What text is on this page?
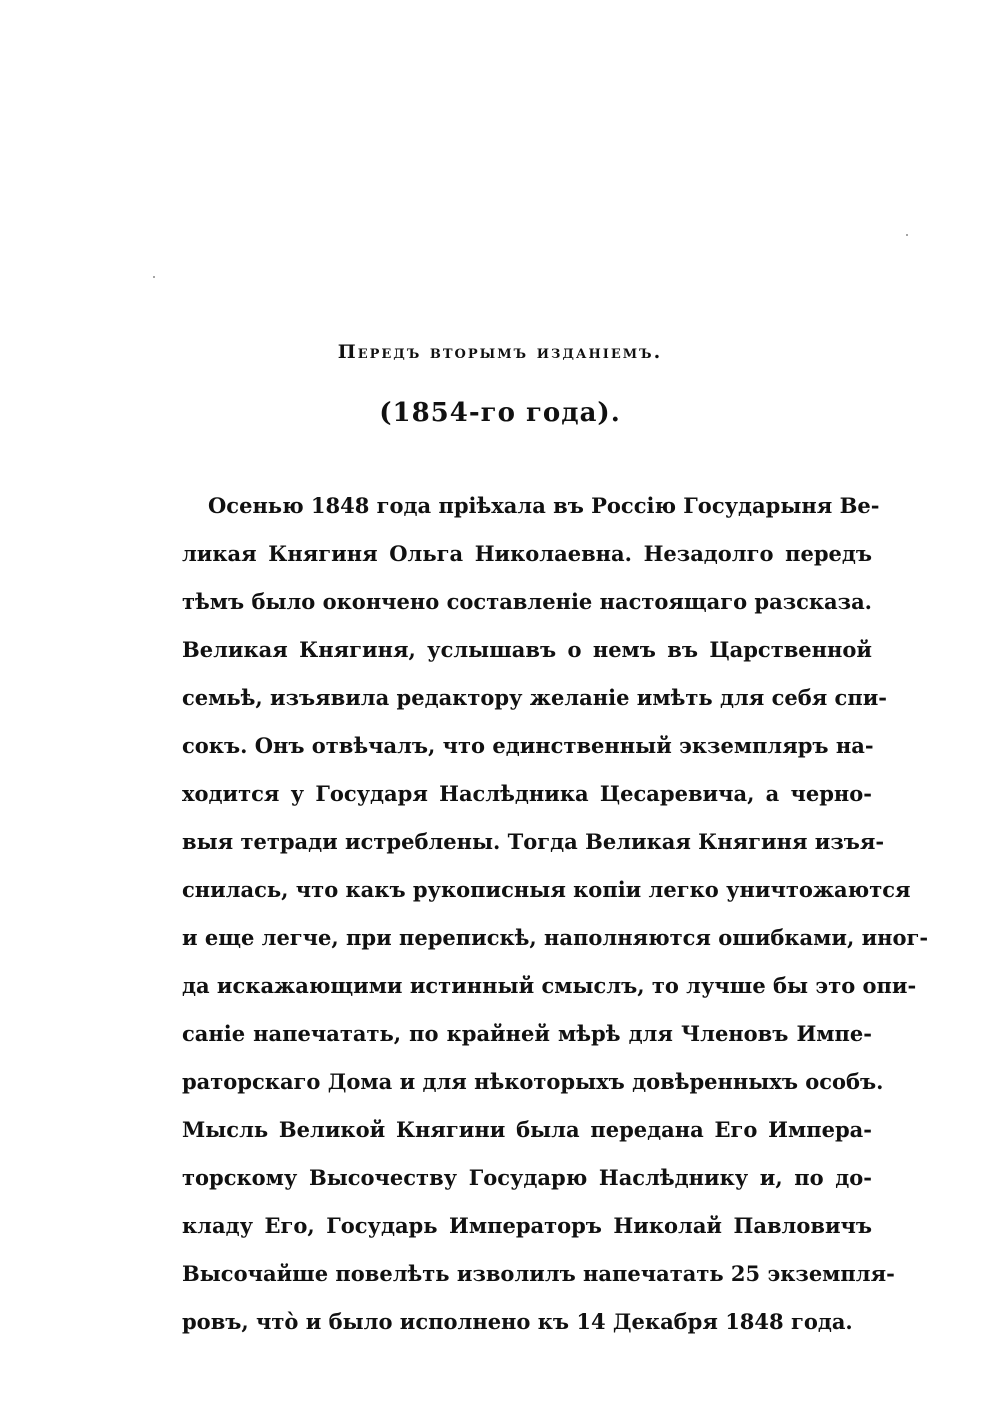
Передъ вторымъ изданіемъ.
(1854-го года).
Осенью 1848 года пріѣхала въ Россію Государыня Ве-
ликая Княгиня Ольга Николаевна. Незадолго передъ
тѣмъ было окончено составленіе настоящаго разсказа.
Великая Княгиня, услышавъ о немъ въ Царственной
семьѣ, изъявила редактору желаніе имѣть для себя спи-
сокъ. Онъ отвѣчалъ, что единственный экземпляръ на-
ходится у Государя Наслѣдника Цесаревича, а черно-
выя тетради истреблены. Тогда Великая Княгиня изъя-
снилась, что какъ рукописныя копіи легко уничтожаются
и еще легче, при перепискѣ, наполняются ошибками, иног-
да искажающими истинный смыслъ, то лучше бы это опи-
саніе напечатать, по крайней мѣрѣ для Членовъ Импе-
раторскаго Дома и для нѣкоторыхъ довѣренныхъ особъ.
Мысль Великой Княгини была передана Его Импера-
торскому Высочеству Государю Наслѣднику и, по до-
кладу Его, Государь Императоръ Николай Павловичъ
Высочайше повелѣть изволилъ напечатать 25 экземпля-
ровъ, что̀ и было исполнено къ 14 Декабря 1848 года.
